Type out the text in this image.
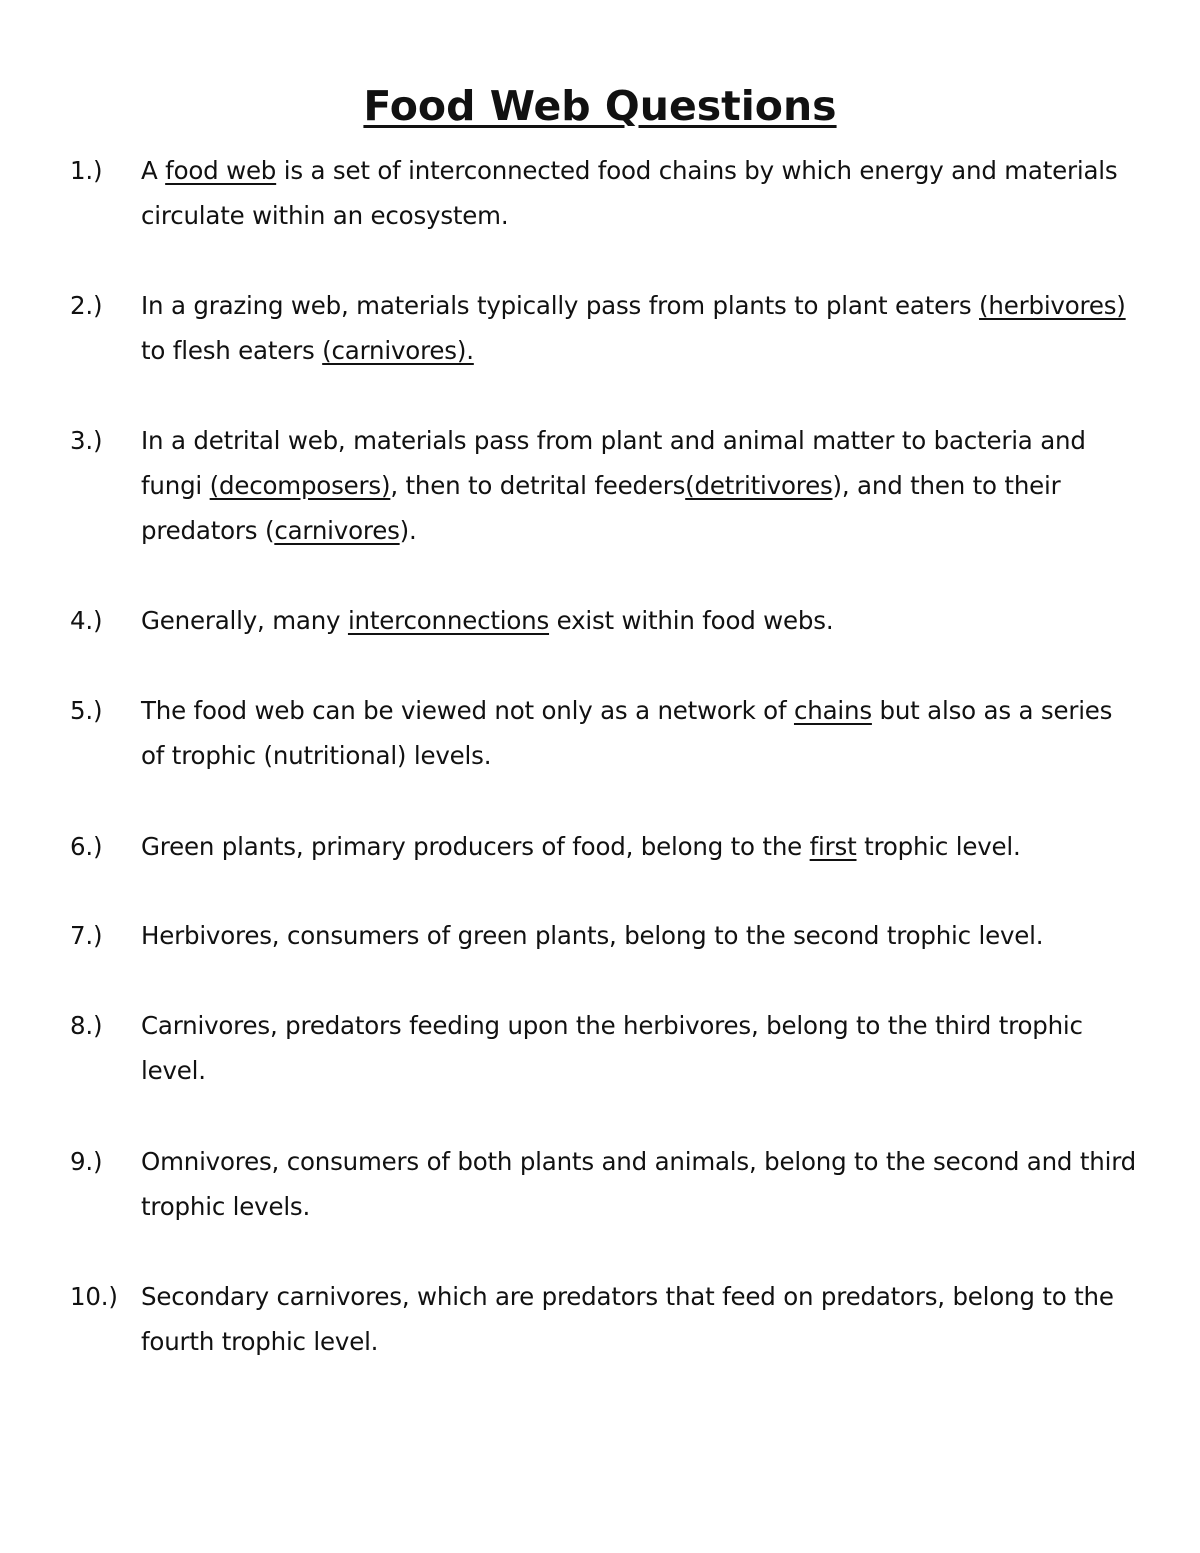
Food Web Questions
1.)	A food web is a set of interconnected food chains by which energy and materials circulate within an ecosystem.
2.)	In a grazing web, materials typically pass from plants to plant eaters (herbivores) to flesh eaters (carnivores).
3.)	In a detrital web, materials pass from plant and animal matter to bacteria and fungi (decomposers), then to detrital feeders(detritivores), and then to their predators (carnivores).
4.)	Generally, many interconnections exist within food webs.
5.)	The food web can be viewed not only as a network of chains but also as a series of trophic (nutritional) levels.
6.)	Green plants, primary producers of food, belong to the first trophic level.
7.)	Herbivores, consumers of green plants, belong to the second trophic level.
8.)	Carnivores, predators feeding upon the herbivores, belong to the third trophic level.
9.)	Omnivores, consumers of both plants and animals, belong to the second and third trophic levels.
10.) Secondary carnivores, which are predators that feed on predators, belong to the fourth trophic level.
